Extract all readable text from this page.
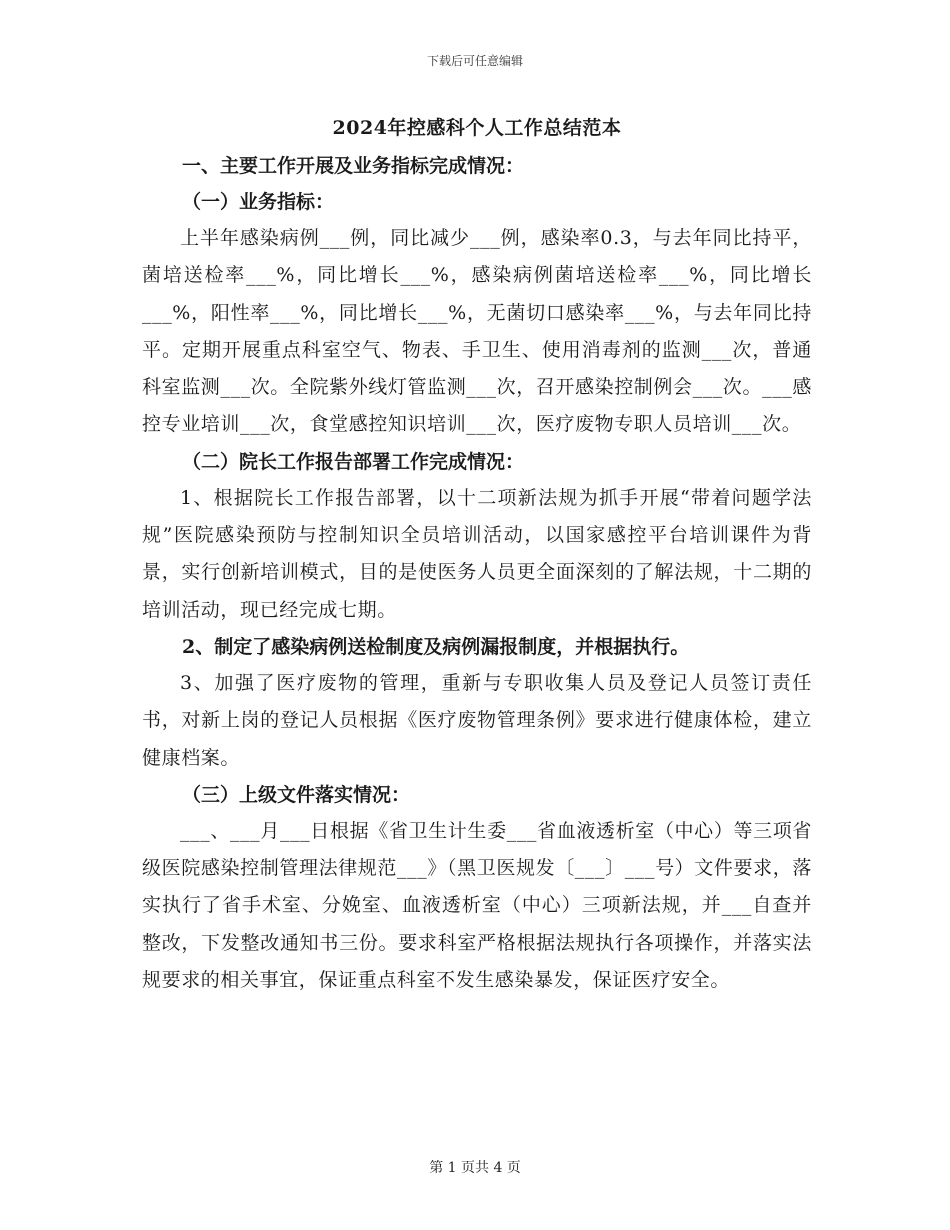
下载后可任意编辑

2024年控感科个人工作总结范本

一、主要工作开展及业务指标完成情况：

（一）业务指标：

上半年感染病例___例，同比减少___例，感染率0.3，与去年同比持平，菌培送检率___%，同比增长___%，感染病例菌培送检率___%，同比增长___%，阳性率___%，同比增长___%，无菌切口感染率___%，与去年同比持平。定期开展重点科室空气、物表、手卫生、使用消毒剂的监测___次，普通科室监测___次。全院紫外线灯管监测___次，召开感染控制例会___次。___感控专业培训___次，食堂感控知识培训___次，医疗废物专职人员培训___次。

（二）院长工作报告部署工作完成情况：

1、根据院长工作报告部署，以十二项新法规为抓手开展“带着问题学法规”医院感染预防与控制知识全员培训活动，以国家感控平台培训课件为背景，实行创新培训模式，目的是使医务人员更全面深刻的了解法规，十二期的培训活动，现已经完成七期。

2、制定了感染病例送检制度及病例漏报制度，并根据执行。

3、加强了医疗废物的管理，重新与专职收集人员及登记人员签订责任书，对新上岗的登记人员根据《医疗废物管理条例》要求进行健康体检，建立健康档案。

（三）上级文件落实情况：

___、___月___日根据《省卫生计生委___省血液透析室（中心）等三项省级医院感染控制管理法律规范___》（黑卫医规发〔___〕___号）文件要求，落实执行了省手术室、分娩室、血液透析室（中心）三项新法规，并___自查并整改，下发整改通知书三份。要求科室严格根据法规执行各项操作，并落实法规要求的相关事宜，保证重点科室不发生感染暴发，保证医疗安全。

第 1 页共 4 页
